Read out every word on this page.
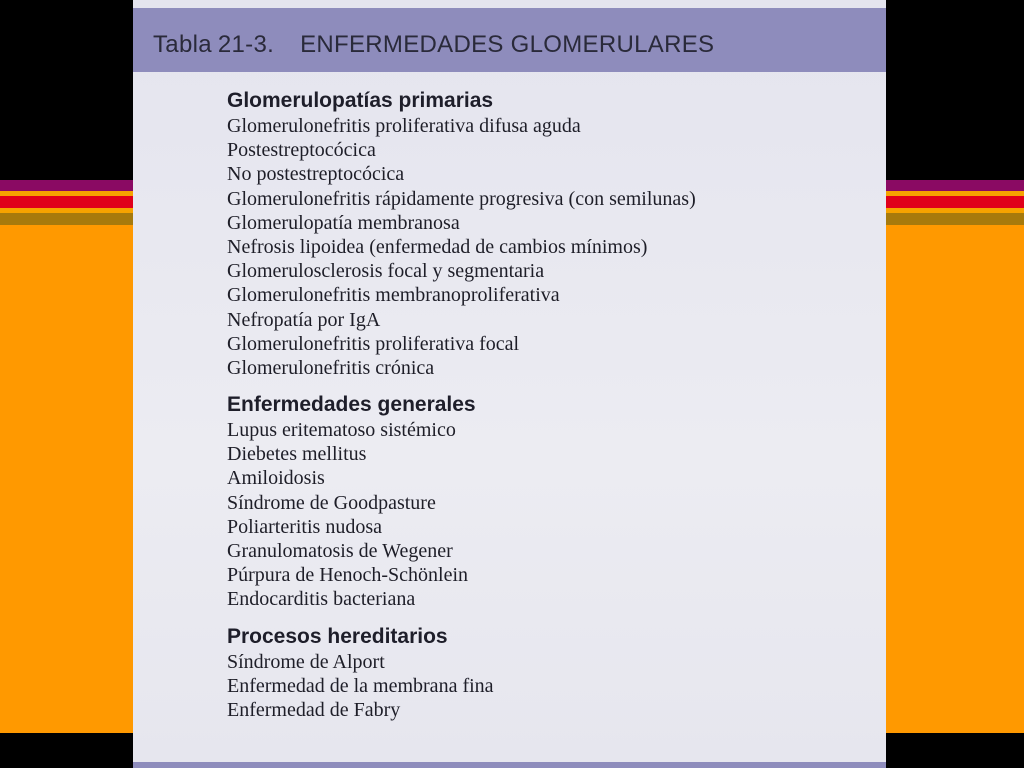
Tabla 21-3. ENFERMEDADES GLOMERULARES
Glomerulopatías primarias
Glomerulonefritis proliferativa difusa aguda
Postestreptocócica
No postestreptocócica
Glomerulonefritis rápidamente progresiva (con semilunas)
Glomerulopatía membranosa
Nefrosis lipoidea (enfermedad de cambios mínimos)
Glomerulosclerosis focal y segmentaria
Glomerulonefritis membranoproliferativa
Nefropatía por IgA
Glomerulonefritis proliferativa focal
Glomerulonefritis crónica
Enfermedades generales
Lupus eritematoso sistémico
Diebetes mellitus
Amiloidosis
Síndrome de Goodpasture
Poliarteritis nudosa
Granulomatosis de Wegener
Púrpura de Henoch-Schönlein
Endocarditis bacteriana
Procesos hereditarios
Síndrome de Alport
Enfermedad de la membrana fina
Enfermedad de Fabry
